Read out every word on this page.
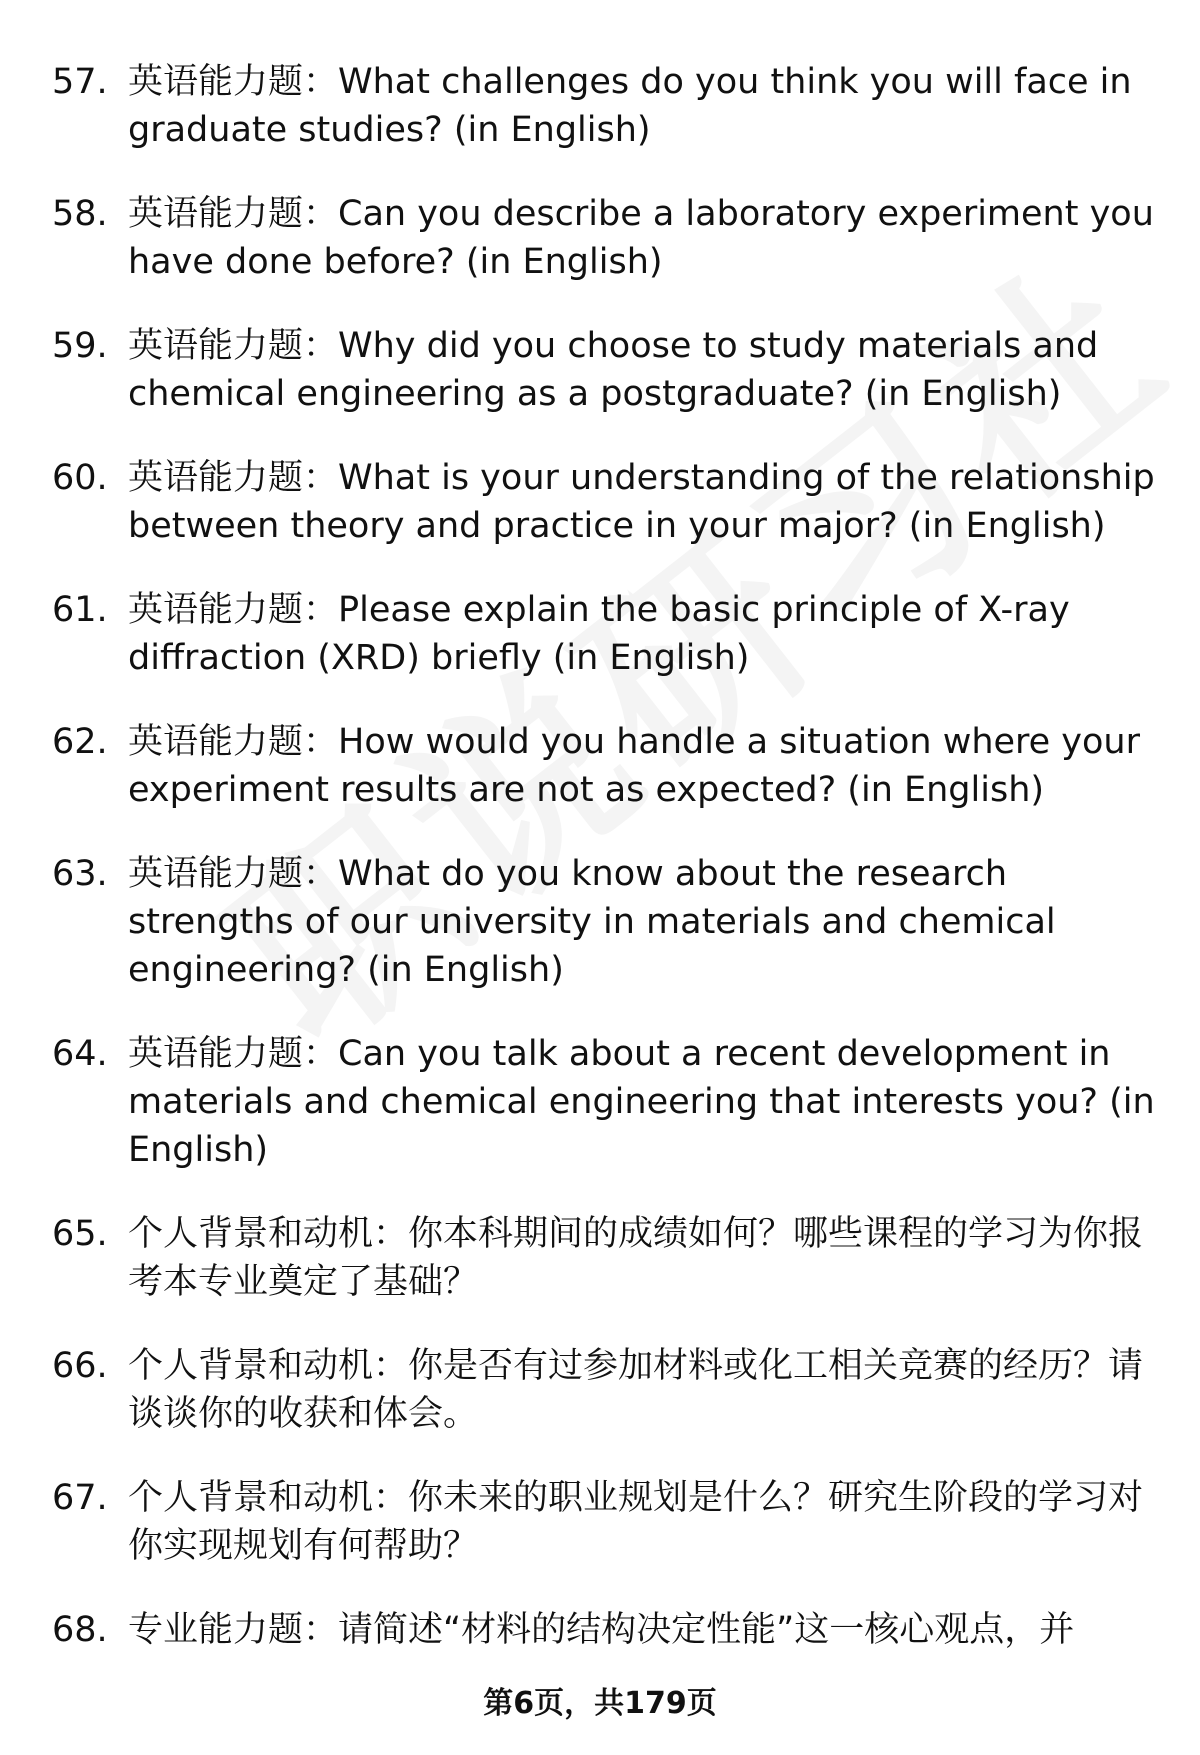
57. 英语能力题：What challenges do you think you will face in graduate studies? (in English)
58. 英语能力题：Can you describe a laboratory experiment you have done before? (in English)
59. 英语能力题：Why did you choose to study materials and chemical engineering as a postgraduate? (in English)
60. 英语能力题：What is your understanding of the relationship between theory and practice in your major? (in English)
61. 英语能力题：Please explain the basic principle of X-ray diffraction (XRD) briefly (in English)
62. 英语能力题：How would you handle a situation where your experiment results are not as expected? (in English)
63. 英语能力题：What do you know about the research strengths of our university in materials and chemical engineering? (in English)
64. 英语能力题：Can you talk about a recent development in materials and chemical engineering that interests you? (in English)
65. 个人背景和动机：你本科期间的成绩如何？哪些课程的学习为你报考本专业奠定了基础？
66. 个人背景和动机：你是否有过参加材料或化工相关竞赛的经历？请谈谈你的收获和体会。
67. 个人背景和动机：你未来的职业规划是什么？研究生阶段的学习对你实现规划有何帮助？
68. 专业能力题：请简述“材料的结构决定性能”这一核心观点，并
第6页，共179页
